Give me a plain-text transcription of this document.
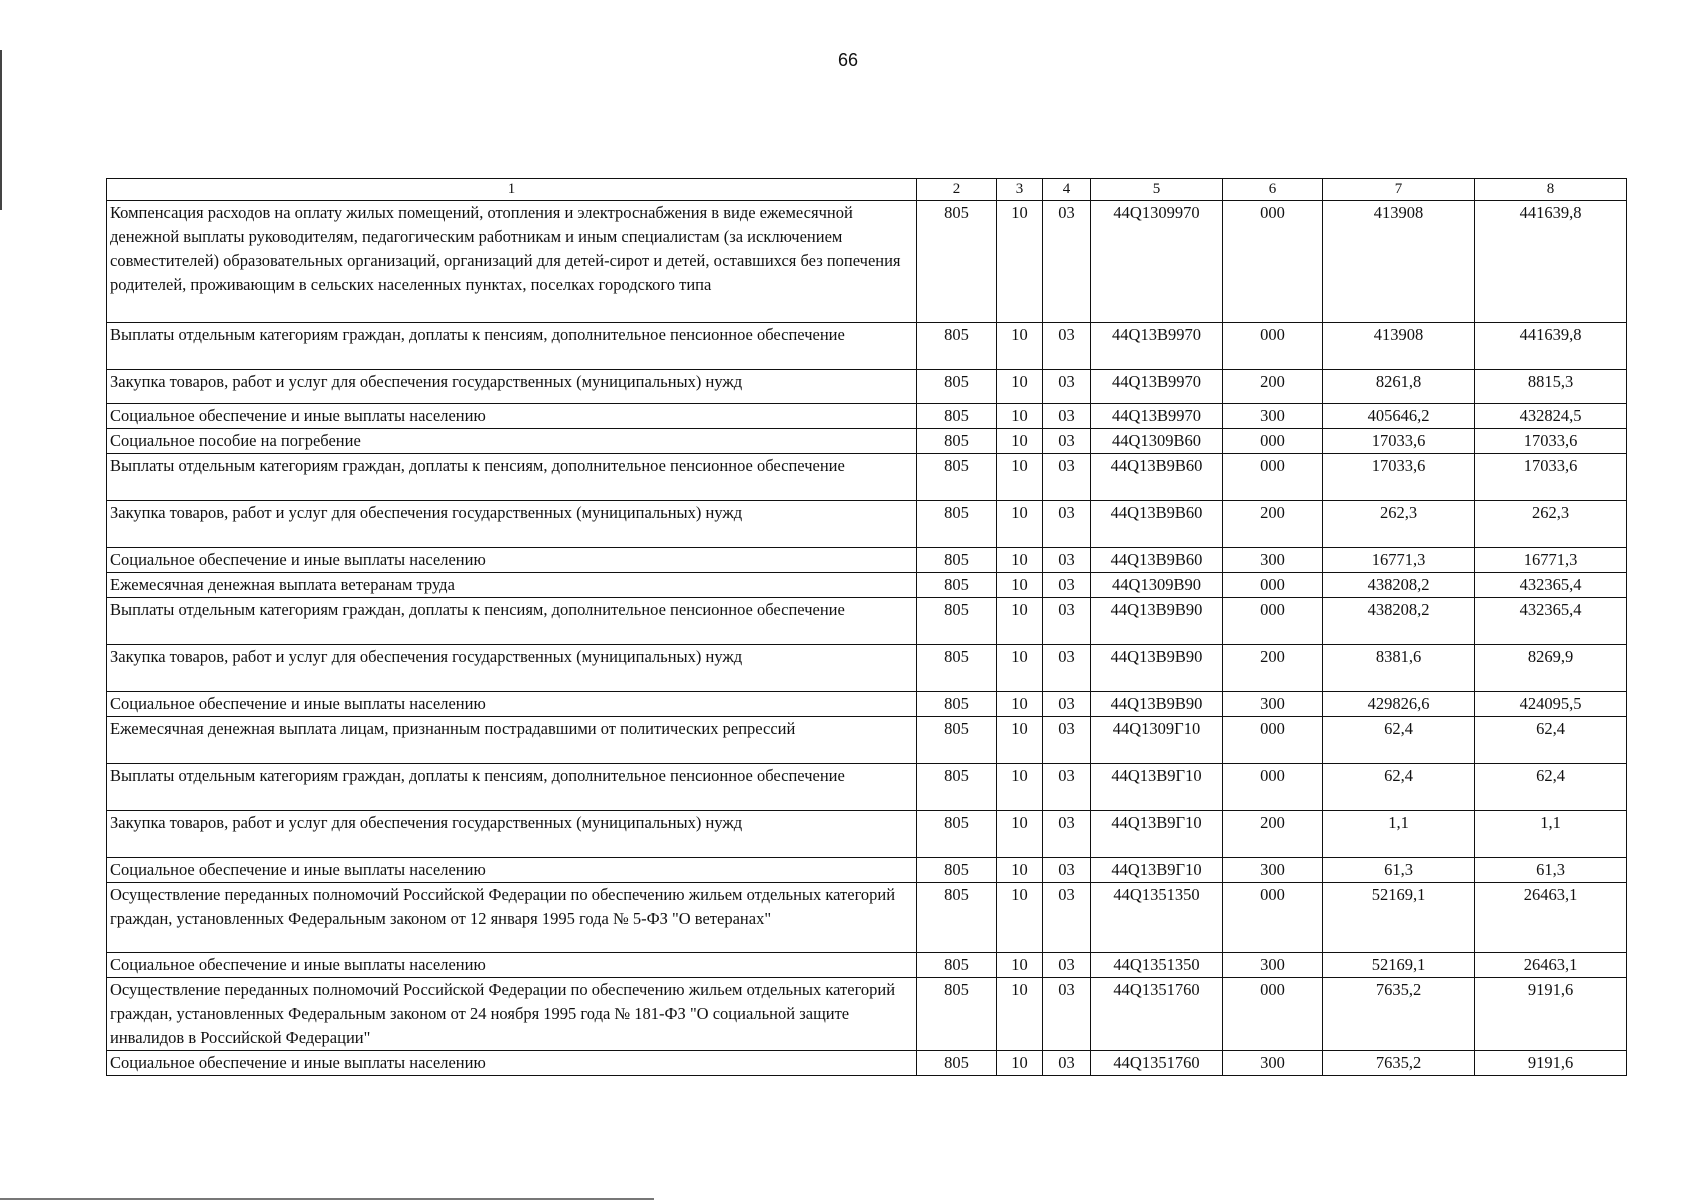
66
1	2	3	4	5	6	7	8
Компенсация расходов на оплату жилых помещений, отопления и электроснабжения в виде ежемесячной денежной выплаты руководителям, педагогическим работникам и иным специалистам (за исключением совместителей) образовательных организаций, организаций для детей-сирот и детей, оставшихся без попечения родителей, проживающим в сельских населенных пунктах, поселках городского типа	805	10	03	44Q1309970	000	413908	441639,8
Выплаты отдельным категориям граждан, доплаты к пенсиям, дополнительное пенсионное обеспечение	805	10	03	44Q13B9970	000	413908	441639,8
Закупка товаров, работ и услуг для обеспечения государственных (муниципальных) нужд	805	10	03	44Q13B9970	200	8261,8	8815,3
Социальное обеспечение и иные выплаты населению	805	10	03	44Q13B9970	300	405646,2	432824,5
Социальное пособие на погребение	805	10	03	44Q1309B60	000	17033,6	17033,6
Выплаты отдельным категориям граждан, доплаты к пенсиям, дополнительное пенсионное обеспечение	805	10	03	44Q13B9B60	000	17033,6	17033,6
Закупка товаров, работ и услуг для обеспечения государственных (муниципальных) нужд	805	10	03	44Q13B9B60	200	262,3	262,3
Социальное обеспечение и иные выплаты населению	805	10	03	44Q13B9B60	300	16771,3	16771,3
Ежемесячная денежная выплата ветеранам труда	805	10	03	44Q1309B90	000	438208,2	432365,4
Выплаты отдельным категориям граждан, доплаты к пенсиям, дополнительное пенсионное обеспечение	805	10	03	44Q13B9B90	000	438208,2	432365,4
Закупка товаров, работ и услуг для обеспечения государственных (муниципальных) нужд	805	10	03	44Q13B9B90	200	8381,6	8269,9
Социальное обеспечение и иные выплаты населению	805	10	03	44Q13B9B90	300	429826,6	424095,5
Ежемесячная денежная выплата лицам, признанным пострадавшими от политических репрессий	805	10	03	44Q1309Г10	000	62,4	62,4
Выплаты отдельным категориям граждан, доплаты к пенсиям, дополнительное пенсионное обеспечение	805	10	03	44Q13B9Г10	000	62,4	62,4
Закупка товаров, работ и услуг для обеспечения государственных (муниципальных) нужд	805	10	03	44Q13B9Г10	200	1,1	1,1
Социальное обеспечение и иные выплаты населению	805	10	03	44Q13B9Г10	300	61,3	61,3
Осуществление переданных полномочий Российской Федерации по обеспечению жильем отдельных категорий граждан, установленных Федеральным законом от 12 января 1995 года № 5-ФЗ "О ветеранах"	805	10	03	44Q1351350	000	52169,1	26463,1
Социальное обеспечение и иные выплаты населению	805	10	03	44Q1351350	300	52169,1	26463,1
Осуществление переданных полномочий Российской Федерации по обеспечению жильем отдельных категорий граждан, установленных Федеральным законом от 24 ноября 1995 года № 181-ФЗ "О социальной защите инвалидов в Российской Федерации"	805	10	03	44Q1351760	000	7635,2	9191,6
Социальное обеспечение и иные выплаты населению	805	10	03	44Q1351760	300	7635,2	9191,6
